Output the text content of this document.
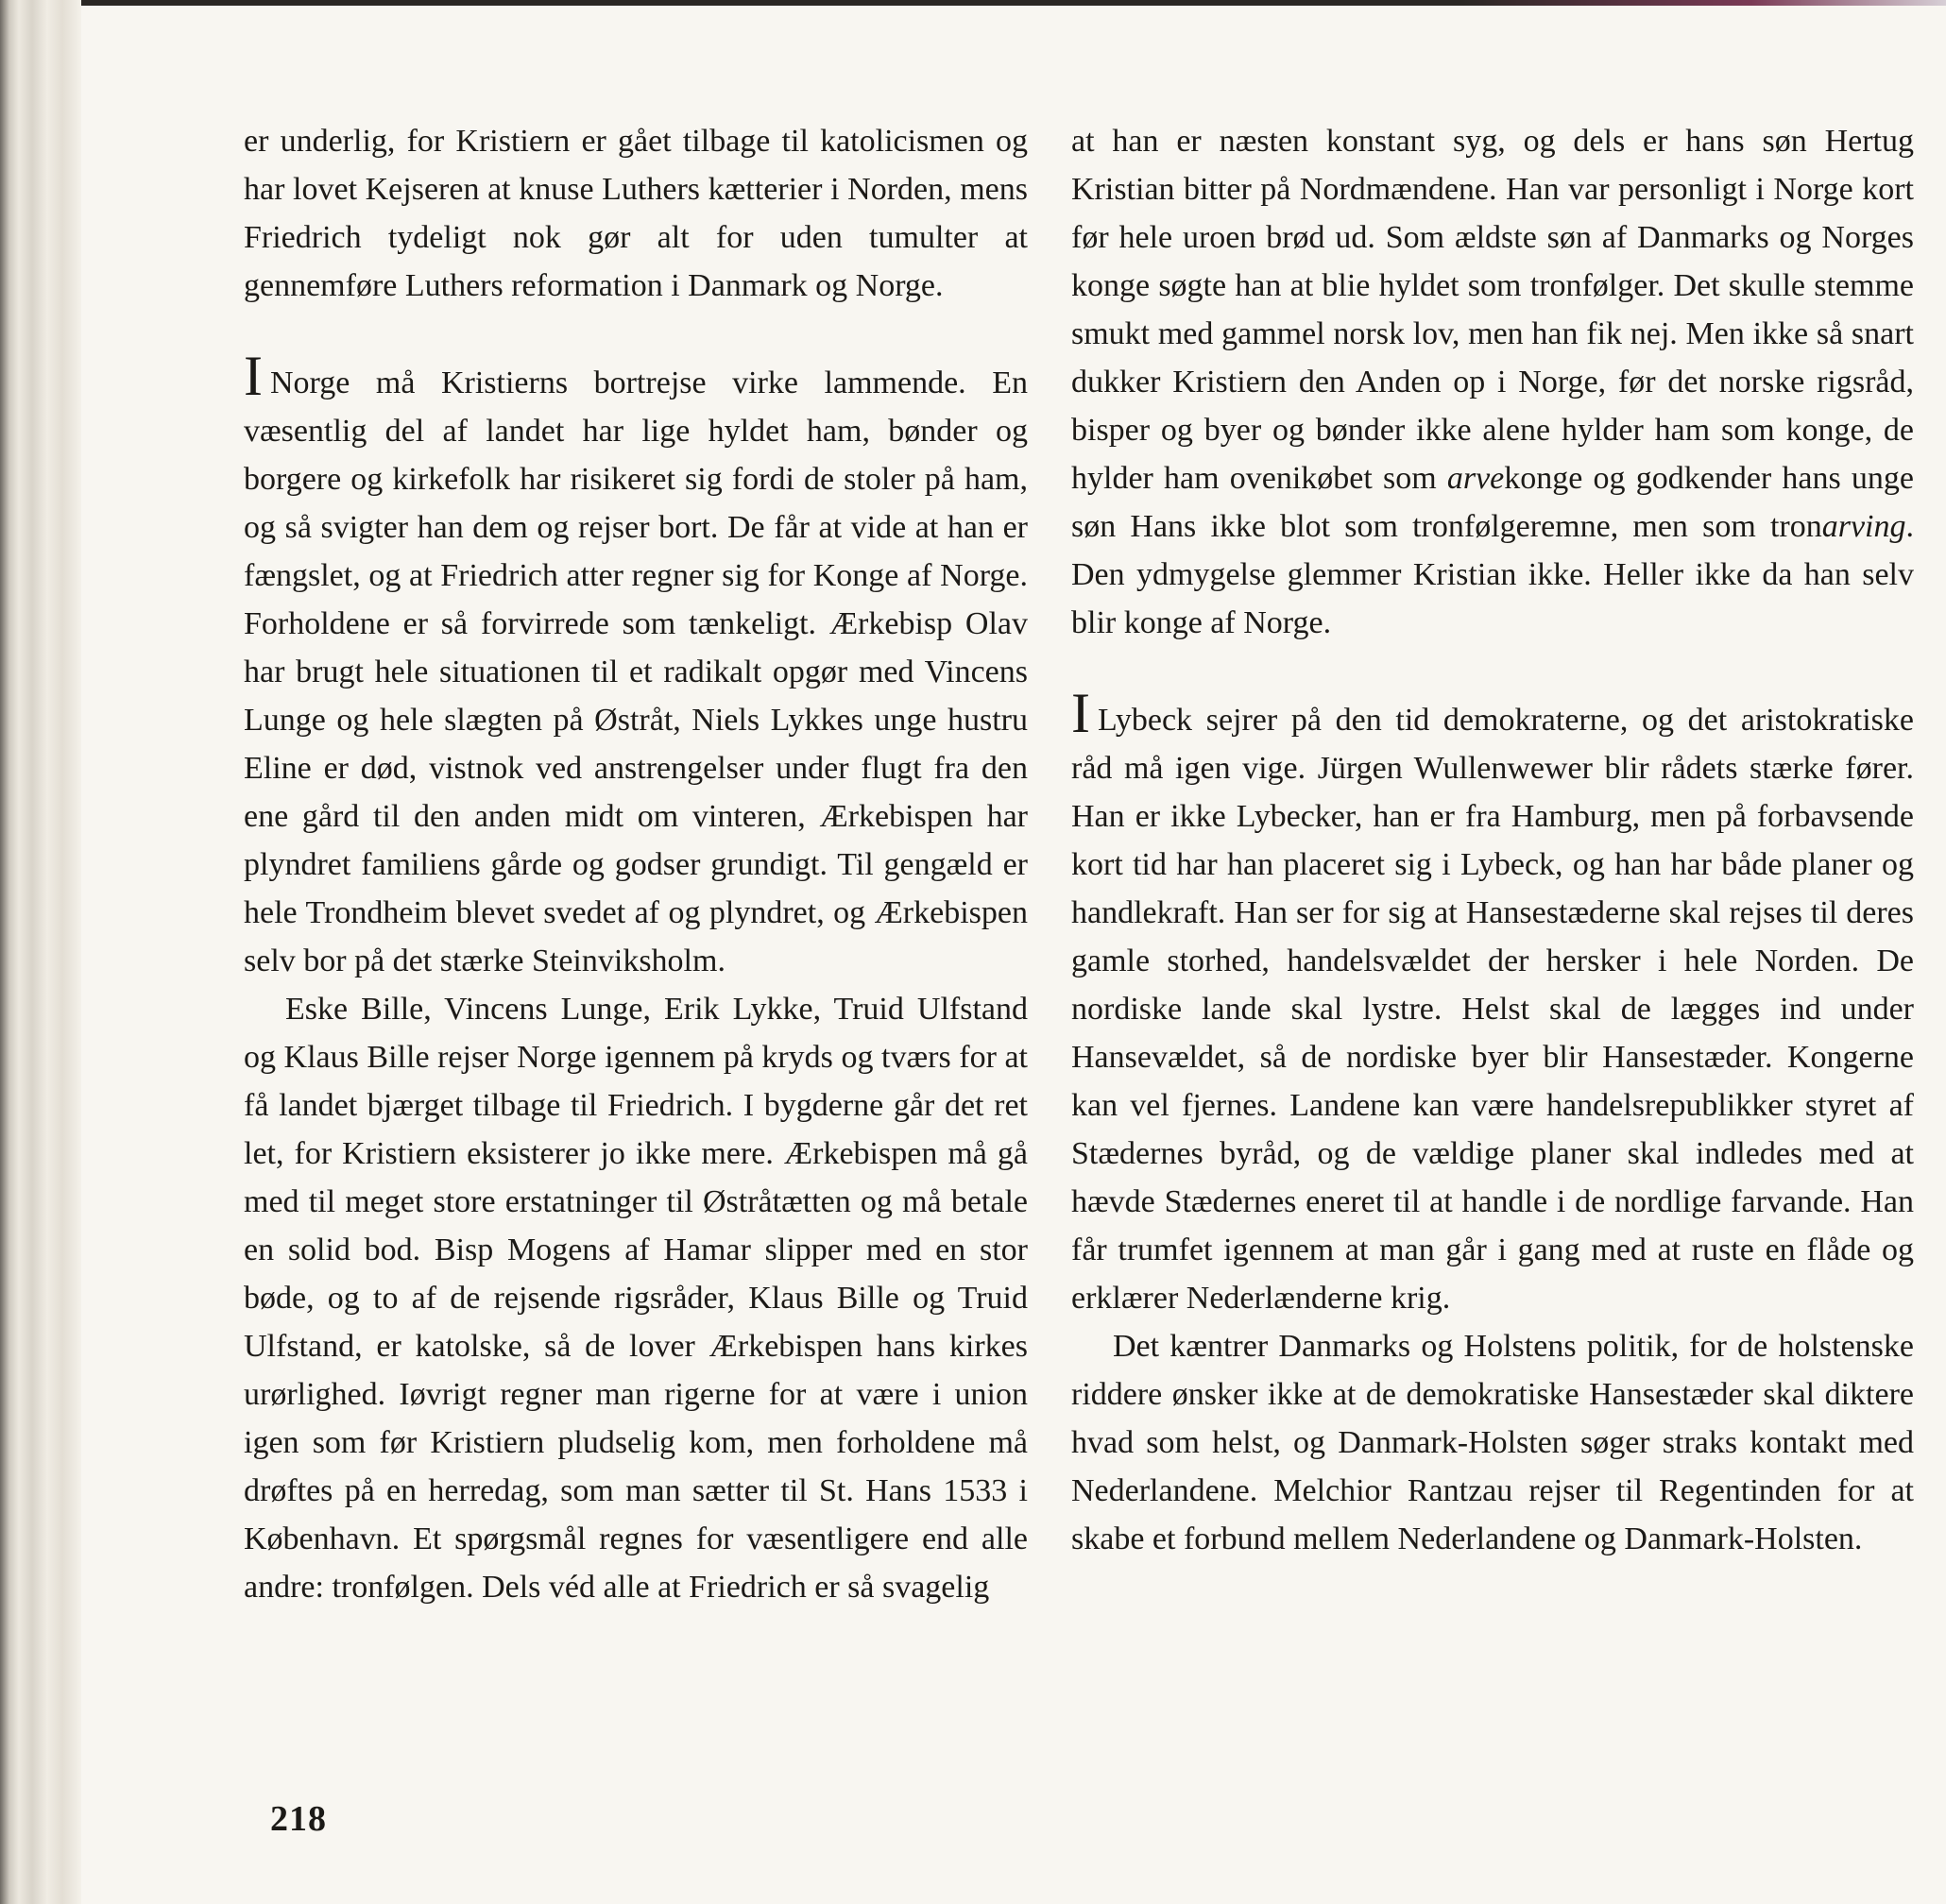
er underlig, for Kristiern er gået tilbage til katolicismen og har lovet Kejseren at knuse Luthers kætterier i Norden, mens Friedrich tydeligt nok gør alt for uden tumulter at gennemføre Luthers reformation i Danmark og Norge.

I Norge må Kristierns bortrejse virke lammende. En væsentlig del af landet har lige hyldet ham, bønder og borgere og kirkefolk har risikeret sig fordi de stoler på ham, og så svigter han dem og rejser bort. De får at vide at han er fængslet, og at Friedrich atter regner sig for Konge af Norge. Forholdene er så forvirrede som tænkeligt. Ærkebisp Olav har brugt hele situationen til et radikalt opgør med Vincens Lunge og hele slægten på Østråt, Niels Lykkes unge hustru Eline er død, vistnok ved anstrengelser under flugt fra den ene gård til den anden midt om vinteren, Ærkebispen har plyndret familiens gårde og godser grundigt. Til gengæld er hele Trondheim blevet svedet af og plyndret, og Ærkebispen selv bor på det stærke Steinviksholm.

Eske Bille, Vincens Lunge, Erik Lykke, Truid Ulfstand og Klaus Bille rejser Norge igennem på kryds og tværs for at få landet bjærget tilbage til Friedrich. I bygderne går det ret let, for Kristiern eksisterer jo ikke mere. Ærkebispen må gå med til meget store erstatninger til Østråtætten og må betale en solid bod. Bisp Mogens af Hamar slipper med en stor bøde, og to af de rejsende rigsråder, Klaus Bille og Truid Ulfstand, er katolske, så de lover Ærkebispen hans kirkes urørlighed. Iøvrigt regner man rigerne for at være i union igen som før Kristiern pludselig kom, men forholdene må drøftes på en herredag, som man sætter til St. Hans 1533 i København. Et spørgsmål regnes for væsentligere end alle andre: tronfølgen. Dels véd alle at Friedrich er så svagelig

at han er næsten konstant syg, og dels er hans søn Hertug Kristian bitter på Nordmændene. Han var personligt i Norge kort før hele uroen brød ud. Som ældste søn af Danmarks og Norges konge søgte han at blie hyldet som tronfølger. Det skulle stemme smukt med gammel norsk lov, men han fik nej. Men ikke så snart dukker Kristiern den Anden op i Norge, før det norske rigsråd, bisper og byer og bønder ikke alene hylder ham som konge, de hylder ham ovenikøbet som arvekonge og godkender hans unge søn Hans ikke blot som tronfølgeremne, men som tronarving. Den ydmygelse glemmer Kristian ikke. Heller ikke da han selv blir konge af Norge.

I Lybeck sejrer på den tid demokraterne, og det aristokratiske råd må igen vige. Jürgen Wullenwewer blir rådets stærke fører. Han er ikke Lybecker, han er fra Hamburg, men på forbavsende kort tid har han placeret sig i Lybeck, og han har både planer og handlekraft. Han ser for sig at Hansestæderne skal rejses til deres gamle storhed, handelsvældet der hersker i hele Norden. De nordiske lande skal lystre. Helst skal de lægges ind under Hansevældet, så de nordiske byer blir Hansestæder. Kongerne kan vel fjernes. Landene kan være handelsrepublikker styret af Stædernes byråd, og de vældige planer skal indledes med at hævde Stædernes eneret til at handle i de nordlige farvande. Han får trumfet igennem at man går i gang med at ruste en flåde og erklærer Nederlænderne krig.

Det kæntrer Danmarks og Holstens politik, for de holstenske riddere ønsker ikke at de demokratiske Hansestæder skal diktere hvad som helst, og Danmark-Holsten søger straks kontakt med Nederlandene. Melchior Rantzau rejser til Regentinden for at skabe et forbund mellem Nederlandene og Danmark-Holsten.

218
